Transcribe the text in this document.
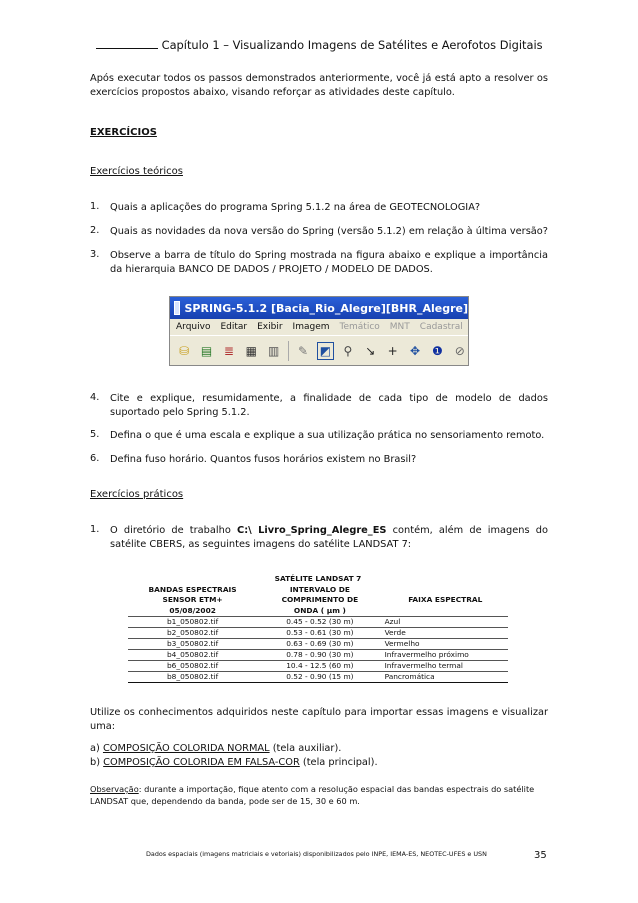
Capítulo 1 – Visualizando Imagens de Satélites e Aerofotos Digitais
Após executar todos os passos demonstrados anteriormente, você já está apto a resolver os exercícios propostos abaixo, visando reforçar as atividades deste capítulo.
EXERCÍCIOS
Exercícios teóricos
1. Quais a aplicações do programa Spring 5.1.2 na área de GEOTECNOLOGIA?
2. Quais as novidades da nova versão do Spring (versão 5.1.2) em relação à última versão?
3. Observe a barra de título do Spring mostrada na figura abaixo e explique a importância da hierarquia BANCO DE DADOS / PROJETO / MODELO DE DADOS.
SPRING-5.1.2 [Bacia_Rio_Alegre][BHR_Alegre]
Arquivo Editar Exibir Imagem Temático MNT Cadastral
⛁ ▤ ≣ ▦ ▥ ✎ ◩	⚲	↘ + ✥ ❶ ⊘
4. Cite e explique, resumidamente, a finalidade de cada tipo de modelo de dados suportado pelo Spring 5.1.2.
5. Defina o que é uma escala e explique a sua utilização prática no sensoriamento remoto.
6. Defina fuso horário. Quantos fusos horários existem no Brasil?
Exercícios práticos
1. O diretório de trabalho C:\ Livro_Spring_Alegre_ES contém, além de imagens do satélite CBERS, as seguintes imagens do satélite LANDSAT 7:
SATÉLITE LANDSAT 7		
BANDAS ESPECTRAIS	INTERVALO DE	FAIXA ESPECTRAL
SENSOR ETM+	COMPRIMENTO DE	
05/08/2002	ONDA ( μm )	
b1_050802.tif	0.45 - 0.52 (30 m)	Azul
b2_050802.tif	0.53 - 0.61 (30 m)	Verde
b3_050802.tif	0.63 - 0.69 (30 m)	Vermelho
b4_050802.tif	0.78 - 0.90 (30 m)	Infravermelho próximo
b6_050802.tif	10.4 - 12.5 (60 m)	Infravermelho termal
b8_050802.tif	0.52 - 0.90 (15 m)	Pancromática
Utilize os conhecimentos adquiridos neste capítulo para importar essas imagens e visualizar uma:
a) COMPOSIÇÃO COLORIDA NORMAL (tela auxiliar).
b) COMPOSIÇÃO COLORIDA EM FALSA-COR (tela principal).
Observação: durante a importação, fique atento com a resolução espacial das bandas espectrais do satélite LANDSAT que, dependendo da banda, pode ser de 15, 30 e 60 m.
Dados espaciais (imagens matriciais e vetoriais) disponibilizados pelo INPE, IEMA-ES, NEOTEC-UFES e USN	35
